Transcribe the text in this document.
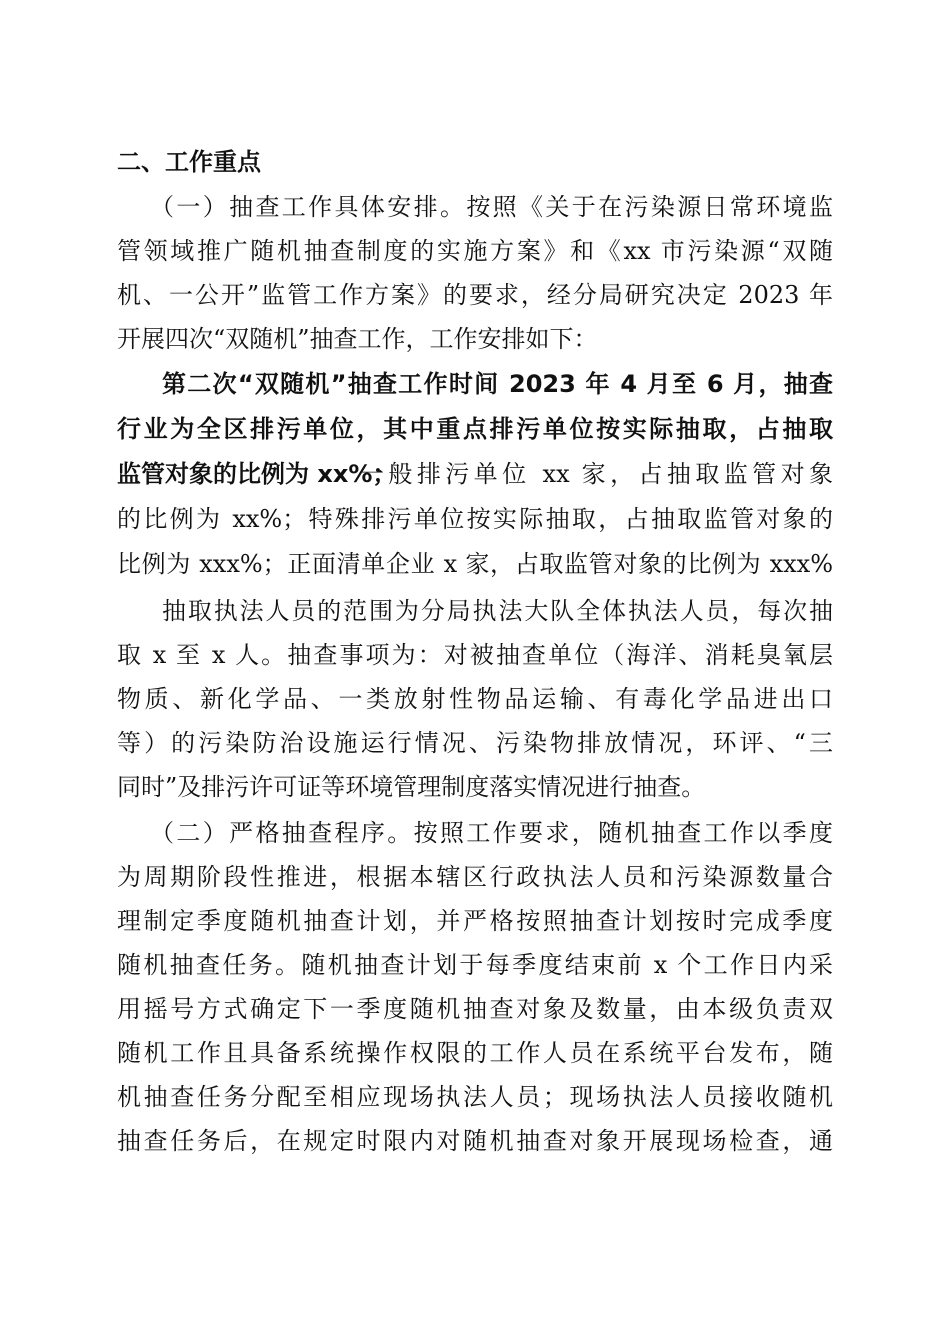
二、工作重点
（一）抽查工作具体安排。按照《关于在污染源日常环境监
管领域推广随机抽查制度的实施方案》和《xx 市污染源“双随
机、一公开”监管工作方案》的要求，经分局研究决定 2023 年
开展四次“双随机”抽查工作，工作安排如下：
第二次“双随机”抽查工作时间 2023 年 4 月至 6 月，抽查
行业为全区排污单位，其中重点排污单位按实际抽取，占抽取
监管对象的比例为 xx%；
一般排污单位 xx 家，占抽取监管对象
的比例为 xx%；特殊排污单位按实际抽取，占抽取监管对象的
比例为 xxx%；正面清单企业 x 家，占取监管对象的比例为 xxx%
抽取执法人员的范围为分局执法大队全体执法人员，每次抽
取 x 至 x 人。抽查事项为：对被抽查单位（海洋、消耗臭氧层
物质、新化学品、一类放射性物品运输、有毒化学品进出口
等）的污染防治设施运行情况、污染物排放情况，环评、“三
同时”及排污许可证等环境管理制度落实情况进行抽查。
（二）严格抽查程序。按照工作要求，随机抽查工作以季度
为周期阶段性推进，根据本辖区行政执法人员和污染源数量合
理制定季度随机抽查计划，并严格按照抽查计划按时完成季度
随机抽查任务。随机抽查计划于每季度结束前 x 个工作日内采
用摇号方式确定下一季度随机抽查对象及数量，由本级负责双
随机工作且具备系统操作权限的工作人员在系统平台发布，随
机抽查任务分配至相应现场执法人员；现场执法人员接收随机
抽查任务后，在规定时限内对随机抽查对象开展现场检查，通
